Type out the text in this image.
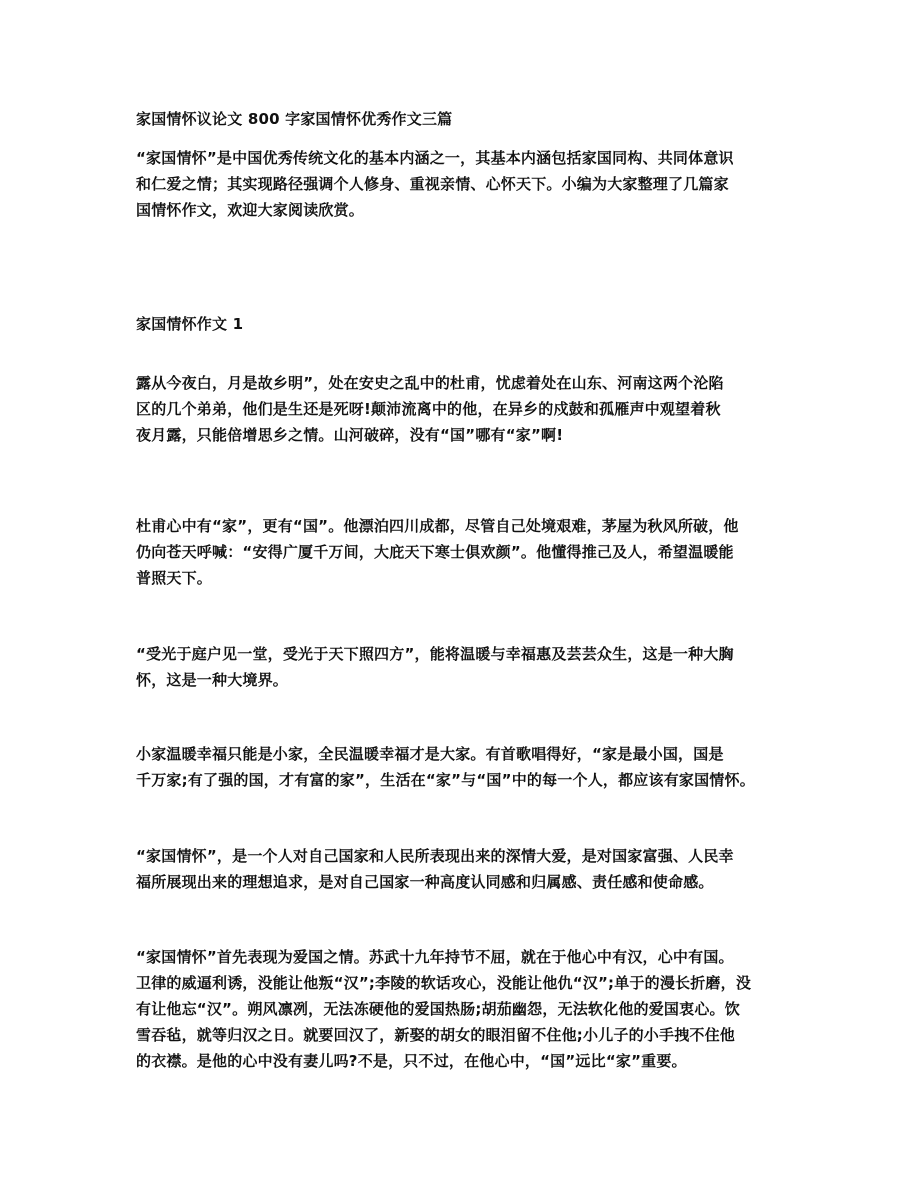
家国情怀议论文 800 字家国情怀优秀作文三篇
“家国情怀”是中国优秀传统文化的基本内涵之一，其基本内涵包括家国同构、共同体意识
和仁爱之情；其实现路径强调个人修身、重视亲情、心怀天下。小编为大家整理了几篇家
国情怀作文，欢迎大家阅读欣赏。
家国情怀作文 1
露从今夜白，月是故乡明”，处在安史之乱中的杜甫，忧虑着处在山东、河南这两个沦陷
区的几个弟弟，他们是生还是死呀!颠沛流离中的他，在异乡的戍鼓和孤雁声中观望着秋
夜月露，只能倍增思乡之情。山河破碎，没有“国”哪有“家”啊!
杜甫心中有“家”，更有“国”。他漂泊四川成都，尽管自己处境艰难，茅屋为秋风所破，他
仍向苍天呼喊：“安得广厦千万间，大庇天下寒士俱欢颜”。他懂得推己及人，希望温暖能
普照天下。
“受光于庭户见一堂，受光于天下照四方”，能将温暖与幸福惠及芸芸众生，这是一种大胸
怀，这是一种大境界。
小家温暖幸福只能是小家，全民温暖幸福才是大家。有首歌唱得好，“家是最小国，国是
千万家;有了强的国，才有富的家”，生活在“家”与“国”中的每一个人，都应该有家国情怀。
“家国情怀”，是一个人对自己国家和人民所表现出来的深情大爱，是对国家富强、人民幸
福所展现出来的理想追求，是对自己国家一种高度认同感和归属感、责任感和使命感。
“家国情怀”首先表现为爱国之情。苏武十九年持节不屈，就在于他心中有汉，心中有国。
卫律的威逼利诱，没能让他叛“汉”;李陵的软话攻心，没能让他仇“汉”;单于的漫长折磨，没
有让他忘“汉”。朔风凛冽，无法冻硬他的爱国热肠;胡茄幽怨，无法软化他的爱国衷心。饮
雪吞毡，就等归汉之日。就要回汉了，新娶的胡女的眼泪留不住他;小儿子的小手拽不住他
的衣襟。是他的心中没有妻儿吗?不是，只不过，在他心中，“国”远比“家”重要。
